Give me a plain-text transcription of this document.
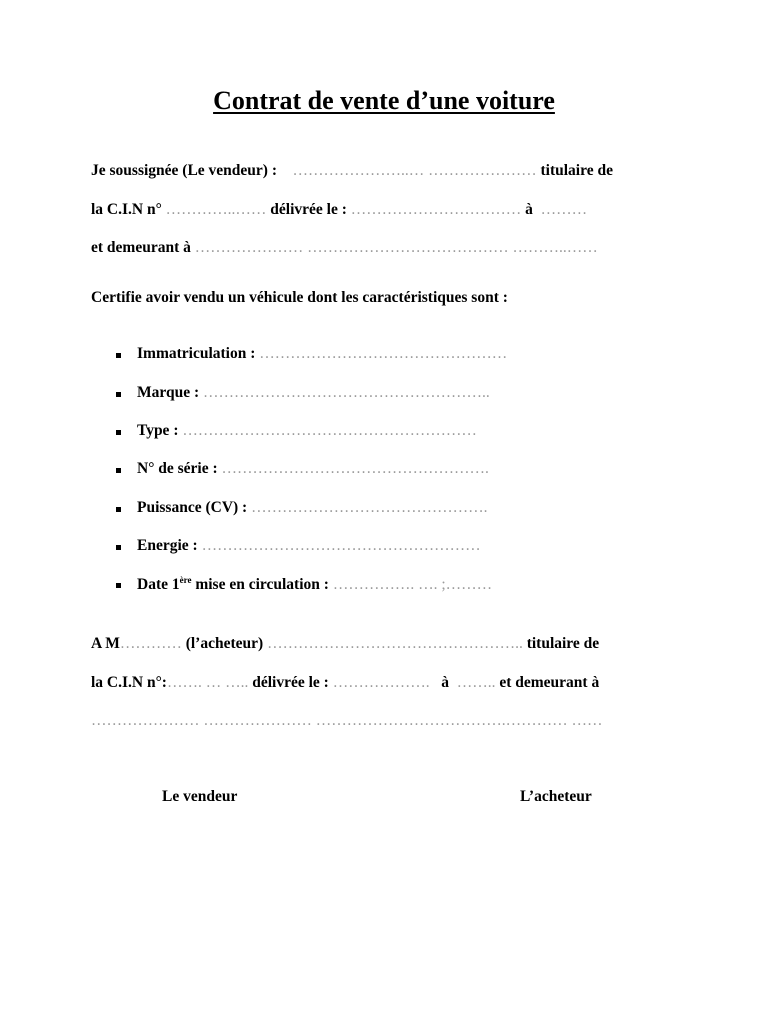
Contrat de vente d’une voiture
Je soussignée (Le vendeur) : …………………..… ………………… titulaire de
la C.I.N n° …………..…… délivrée le : …………………………… à ………
et demeurant à ………………… ………………………………… ………..……
Certifie avoir vendu un véhicule dont les caractéristiques sont :
Immatriculation : …………………………………………
Marque : ………………………………………………..
Type : …………………………………………………
N° de série : …………………………………………….
Puissance (CV) : ……………………………………….
Energie : ………………………………………………
Date 1ère mise en circulation : ……………. …. ;………
A M………… (l’acheteur) ………………………………………….. titulaire de
la C.I.N n°:……. … ….. délivrée le : ………………. à …….. et demeurant à
………………… ………………… ……………………………….………… ……
Le vendeur	L’acheteur
